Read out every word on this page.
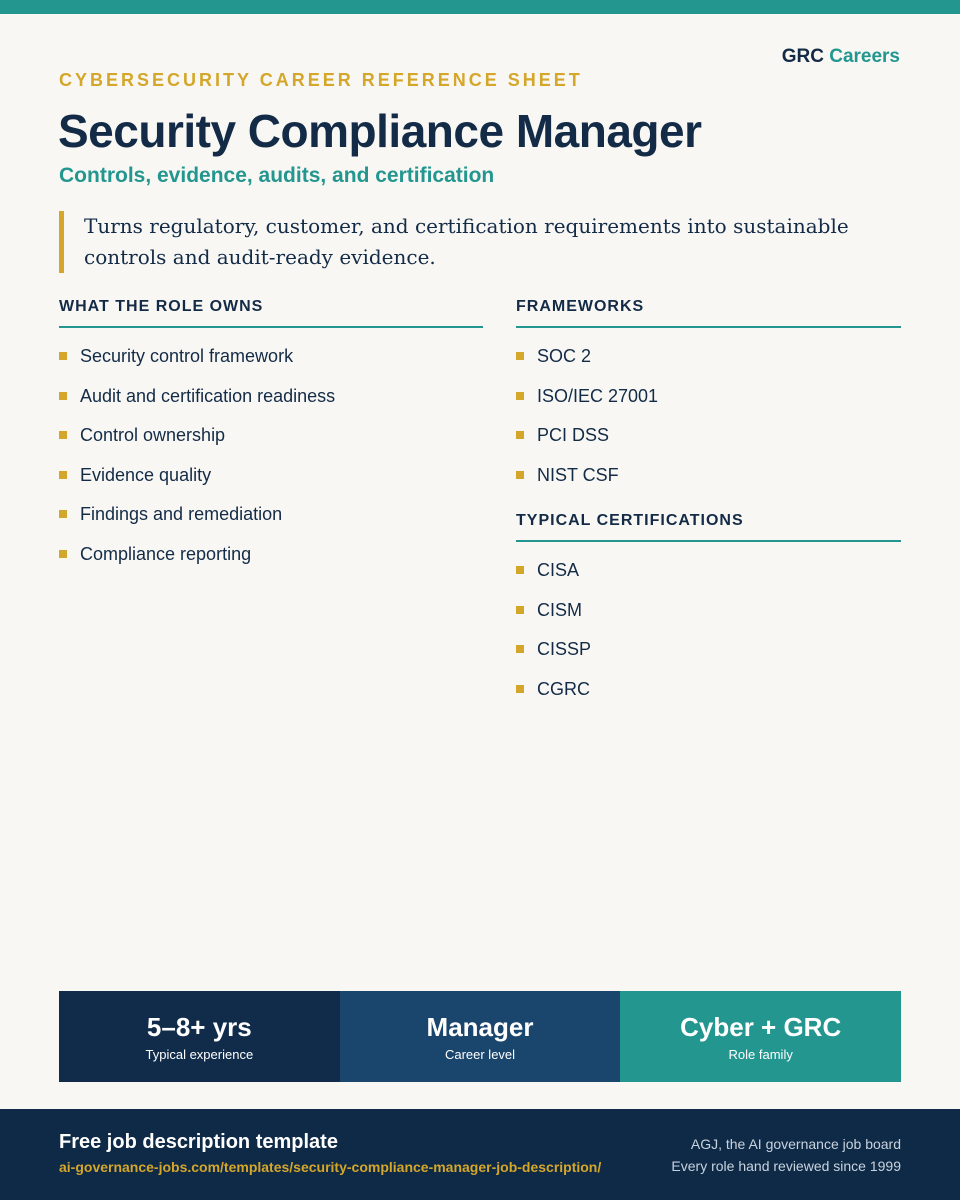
GRC Careers
CYBERSECURITY CAREER REFERENCE SHEET
Security Compliance Manager
Controls, evidence, audits, and certification
Turns regulatory, customer, and certification requirements into sustainable controls and audit-ready evidence.
WHAT THE ROLE OWNS
Security control framework
Audit and certification readiness
Control ownership
Evidence quality
Findings and remediation
Compliance reporting
FRAMEWORKS
SOC 2
ISO/IEC 27001
PCI DSS
NIST CSF
TYPICAL CERTIFICATIONS
CISA
CISM
CISSP
CGRC
5–8+ yrs
Typical experience
Manager
Career level
Cyber + GRC
Role family
Free job description template
ai-governance-jobs.com/templates/security-compliance-manager-job-description/
AGJ, the AI governance job board
Every role hand reviewed since 1999
